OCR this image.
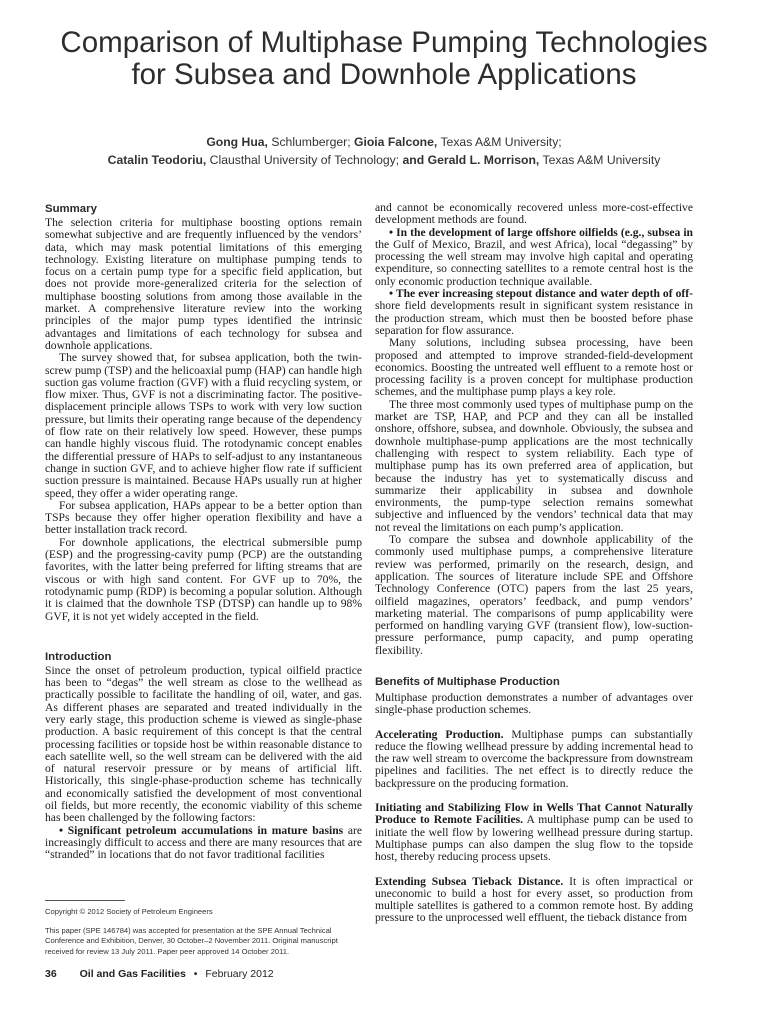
Comparison of Multiphase Pumping Technologies for Subsea and Downhole Applications
Gong Hua, Schlumberger; Gioia Falcone, Texas A&M University;
Catalin Teodoriu, Clausthal University of Technology; and Gerald L. Morrison, Texas A&M University
Summary

The selection criteria for multiphase boosting options remain somewhat subjective and are frequently influenced by the vendors’ data, which may mask potential limitations of this emerging technology. Existing literature on multiphase pumping tends to focus on a certain pump type for a specific field application, but does not provide more-generalized criteria for the selection of multiphase boosting solutions from among those available in the market. A comprehensive literature review into the working principles of the major pump types identified the intrinsic advantages and limitations of each technology for subsea and downhole applications.

The survey showed that, for subsea application, both the twin-screw pump (TSP) and the helicoaxial pump (HAP) can handle high suction gas volume fraction (GVF) with a fluid recycling system, or flow mixer. Thus, GVF is not a discriminating factor. The positive-displacement principle allows TSPs to work with very low suction pressure, but limits their operating range because of the dependency of flow rate on their relatively low speed. However, these pumps can handle highly viscous fluid. The rotodynamic concept enables the differential pressure of HAPs to self-adjust to any instantaneous change in suction GVF, and to achieve higher flow rate if sufficient suction pressure is maintained. Because HAPs usually run at higher speed, they offer a wider operating range.

For subsea application, HAPs appear to be a better option than TSPs because they offer higher operation flexibility and have a better installation track record.

For downhole applications, the electrical submersible pump (ESP) and the progressing-cavity pump (PCP) are the outstanding favorites, with the latter being preferred for lifting streams that are viscous or with high sand content. For GVF up to 70%, the rotodynamic pump (RDP) is becoming a popular solution. Although it is claimed that the downhole TSP (DTSP) can handle up to 98% GVF, it is not yet widely accepted in the field.

Introduction

Since the onset of petroleum production, typical oilfield practice has been to “degas” the well stream as close to the wellhead as practically possible to facilitate the handling of oil, water, and gas. As different phases are separated and treated individually in the very early stage, this production scheme is viewed as single-phase production. A basic requirement of this concept is that the central processing facilities or topside host be within reasonable distance to each satellite well, so the well stream can be delivered with the aid of natural reservoir pressure or by means of artificial lift. Historically, this single-phase-production scheme has technically and economically satisfied the development of most conventional oil fields, but more recently, the economic viability of this scheme has been challenged by the following factors:

• Significant petroleum accumulations in mature basins are increasingly difficult to access and there are many resources that are “stranded” in locations that do not favor traditional facilities

and cannot be economically recovered unless more-cost-effective development methods are found.

• In the development of large offshore oilfields (e.g., subsea in the Gulf of Mexico, Brazil, and west Africa), local “degassing” by processing the well stream may involve high capital and operating expenditure, so connecting satellites to a remote central host is the only economic production technique available.

• The ever increasing stepout distance and water depth of off-shore field developments result in significant system resistance in the production stream, which must then be boosted before phase separation for flow assurance.

Many solutions, including subsea processing, have been proposed and attempted to improve stranded-field-development economics. Boosting the untreated well effluent to a remote host or processing facility is a proven concept for multiphase production schemes, and the multiphase pump plays a key role.

The three most commonly used types of multiphase pump on the market are TSP, HAP, and PCP and they can all be installed onshore, offshore, subsea, and downhole. Obviously, the subsea and downhole multiphase-pump applications are the most technically challenging with respect to system reliability. Each type of multiphase pump has its own preferred area of application, but because the industry has yet to systematically discuss and summarize their applicability in subsea and downhole environments, the pump-type selection remains somewhat subjective and influenced by the vendors’ technical data that may not reveal the limitations on each pump’s application.

To compare the subsea and downhole applicability of the commonly used multiphase pumps, a comprehensive literature review was performed, primarily on the research, design, and application. The sources of literature include SPE and Offshore Technology Conference (OTC) papers from the last 25 years, oilfield magazines, operators’ feedback, and pump vendors’ marketing material. The comparisons of pump applicability were performed on handling varying GVF (transient flow), low-suction-pressure performance, pump capacity, and pump operating flexibility.

Benefits of Multiphase Production

Multiphase production demonstrates a number of advantages over single-phase production schemes.

Accelerating Production. Multiphase pumps can substantially reduce the flowing wellhead pressure by adding incremental head to the raw well stream to overcome the backpressure from downstream pipelines and facilities. The net effect is to directly reduce the backpressure on the producing formation.

Initiating and Stabilizing Flow in Wells That Cannot Naturally Produce to Remote Facilities. A multiphase pump can be used to initiate the well flow by lowering wellhead pressure during startup. Multiphase pumps can also dampen the slug flow to the topside host, thereby reducing process upsets.

Extending Subsea Tieback Distance. It is often impractical or uneconomic to build a host for every asset, so production from multiple satellites is gathered to a common remote host. By adding pressure to the unprocessed well effluent, the tieback distance from

Copyright © 2012 Society of Petroleum Engineers

This paper (SPE 146784) was accepted for presentation at the SPE Annual Technical Conference and Exhibition, Denver, 30 October–2 November 2011. Original manuscript received for review 13 July 2011. Paper peer approved 14 October 2011.

36 Oil and Gas Facilities • February 2012
